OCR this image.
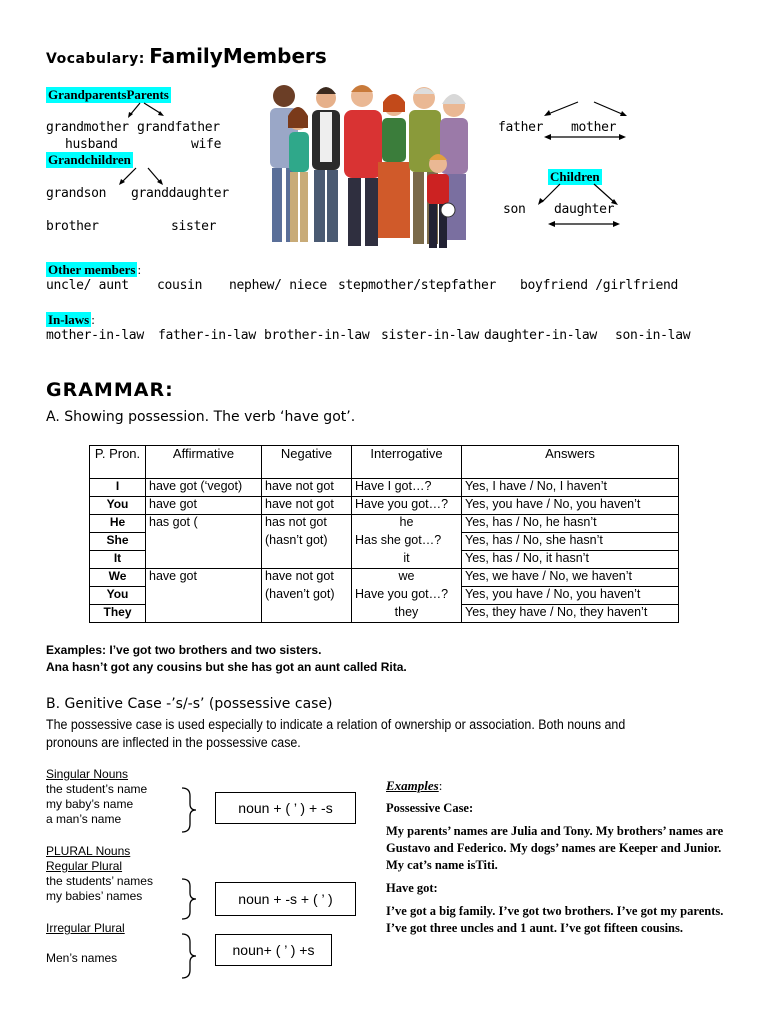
Vocabulary: FamilyMembers
GrandparentsParents
grandmother grandfather
husband	wife
Grandchildren
grandson granddaughter
brother	sister
father mother
Children
son daughter
Other members :
uncle/ aunt cousin nephew/ niece stepmother/stepfather boyfriend /girlfriend
In-laws :
mother-in-law father-in-law brother-in-law sister-in-law daughter-in-law son-in-law
GRAMMAR:
A. Showing possession. The verb ‘have got’.
P. Pron.	Affirmative	Negative	Interrogative	Answers
I	have got (‘vegot)	have not got	Have I got…?	Yes, I have / No, I haven’t
You	have got	have not got	Have you got…?	Yes, you have / No, you haven’t
He	has got (	has not got	he	Yes, has / No, he hasn’t
She		(hasn’t got)	Has she got…?	Yes, has / No, she hasn’t
It			it	Yes, has / No, it hasn’t
We	have got	have not got	we	Yes, we have / No, we haven’t
You		(haven’t got)	Have you got…?	Yes, you have / No, you haven’t
They			they	Yes, they have / No, they haven’t
Examples: I’ve got two brothers and two sisters.
Ana hasn’t got any cousins but she has got an aunt called Rita.
B. Genitive Case -’s/-s’ (possessive case)
The possessive case is used especially to indicate a relation of ownership or association. Both nouns and pronouns are inflected in the possessive case.
Singular Nouns
the student’s name
my baby’s name
a man’s name
PLURAL Nouns
Regular Plural
the students’ names
my babies’ names
Irregular Plural
Men’s names
noun + ( ’ ) + -s
noun + -s + ( ’ )
noun+ ( ’ ) +s
Examples:
Possessive Case:
My parents’ names are Julia and Tony. My brothers’ names are Gustavo and Federico. My dogs’ names are Keeper and Junior. My cat’s name isTiti.
Have got:
I’ve got a big family. I’ve got two brothers. I’ve got my parents. I’ve got three uncles and 1 aunt. I’ve got fifteen cousins.
